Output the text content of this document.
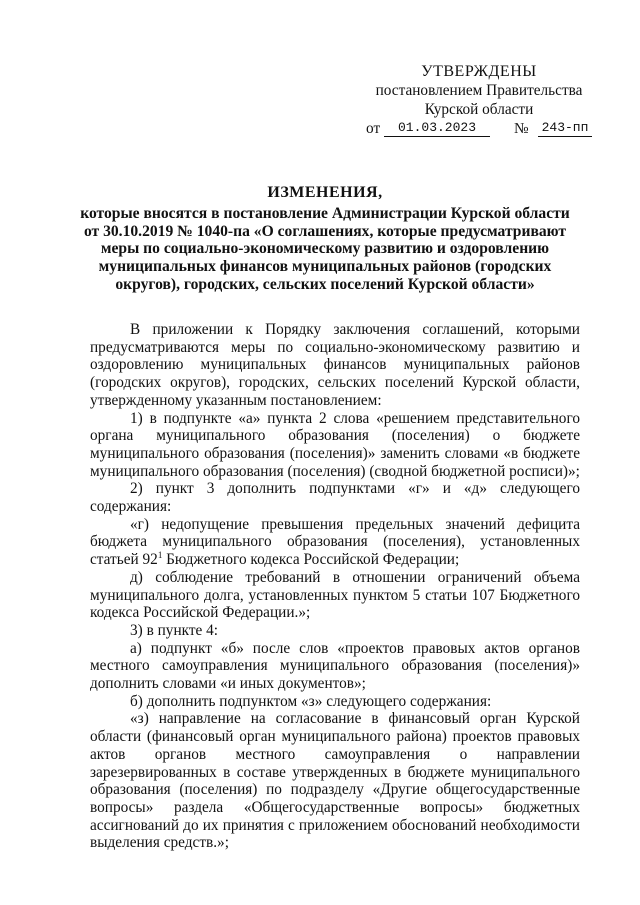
УТВЕРЖДЕНЫ
постановлением Правительства
Курской области
от	01.03.2023	№ 243-пп
ИЗМЕНЕНИЯ,
которые вносятся в постановление Администрации Курской области
от 30.10.2019 № 1040-па «О соглашениях, которые предусматривают
меры по социально-экономическому развитию и оздоровлению
муниципальных финансов муниципальных районов (городских
округов), городских, сельских поселений Курской области»

В приложении к Порядку заключения соглашений, которыми предусматриваются меры по социально-экономическому развитию и оздоровлению муниципальных финансов муниципальных районов (городских округов), городских, сельских поселений Курской области, утвержденному указанным постановлением:

1) в подпункте «а» пункта 2 слова «решением представительного органа муниципального образования (поселения) о бюджете муниципального образования (поселения)» заменить словами «в бюджете муниципального образования (поселения) (сводной бюджетной росписи)»;

2) пункт 3 дополнить подпунктами «г» и «д» следующего содержания:

«г) недопущение превышения предельных значений дефицита бюджета муниципального образования (поселения), установленных статьей $92^1$ Бюджетного кодекса Российской Федерации;

д) соблюдение требований в отношении ограничений объема муниципального долга, установленных пунктом 5 статьи 107 Бюджетного кодекса Российской Федерации.»;

3) в пункте 4:

а) подпункт «б» после слов «проектов правовых актов органов местного самоуправления муниципального образования (поселения)» дополнить словами «и иных документов»;

б) дополнить подпунктом «з» следующего содержания:

«з) направление на согласование в финансовый орган Курской области (финансовый орган муниципального района) проектов правовых актов органов местного самоуправления о направлении зарезервированных в составе утвержденных в бюджете муниципального образования (поселения) по подразделу «Другие общегосударственные вопросы» раздела «Общегосударственные вопросы» бюджетных ассигнований до их принятия с приложением обоснований необходимости выделения средств.»;
